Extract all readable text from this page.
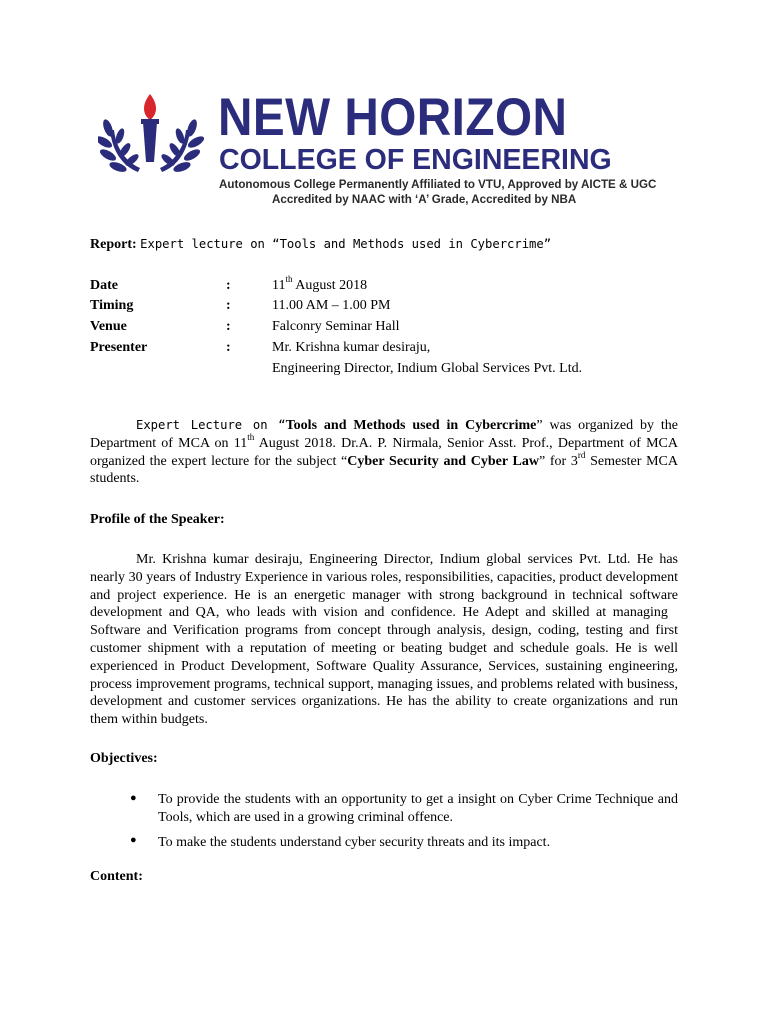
NEW HORIZON
COLLEGE OF ENGINEERING
Autonomous College Permanently Affiliated to VTU, Approved by AICTE & UGC
Accredited by NAAC with ‘A’ Grade, Accredited by NBA
Report: Expert lecture on “Tools and Methods used in Cybercrime”
Date	:	11th August 2018
Timing	:	11.00 AM – 1.00 PM
Venue	:	Falconry Seminar Hall
Presenter	:	Mr. Krishna kumar desiraju,
Engineering Director, Indium Global Services Pvt. Ltd.
Expert Lecture on “Tools and Methods used in Cybercrime” was organized by the Department of MCA on 11th August 2018. Dr.A. P. Nirmala, Senior Asst. Prof., Department of MCA organized the expert lecture for the subject “Cyber Security and Cyber Law” for 3rd Semester MCA students.
Profile of the Speaker:
Mr. Krishna kumar desiraju, Engineering Director, Indium global services Pvt. Ltd. He has nearly 30 years of Industry Experience in various roles, responsibilities, capacities, product development and project experience. He is an energetic manager with strong background in technical software development and QA, who leads with vision and confidence. He Adept and skilled at managing   Software and Verification programs from concept through analysis, design, coding, testing and first customer shipment with a reputation of meeting or beating budget and schedule goals. He is well experienced in Product Development, Software Quality Assurance, Services, sustaining engineering, process improvement programs, technical support, managing issues, and problems related with business, development and customer services organizations. He has the ability to create organizations and run them within budgets.
Objectives:
● To provide the students with an opportunity to get a insight on Cyber Crime Technique and Tools, which are used in a growing criminal offence.
● To make the students understand cyber security threats and its impact.
Content:
